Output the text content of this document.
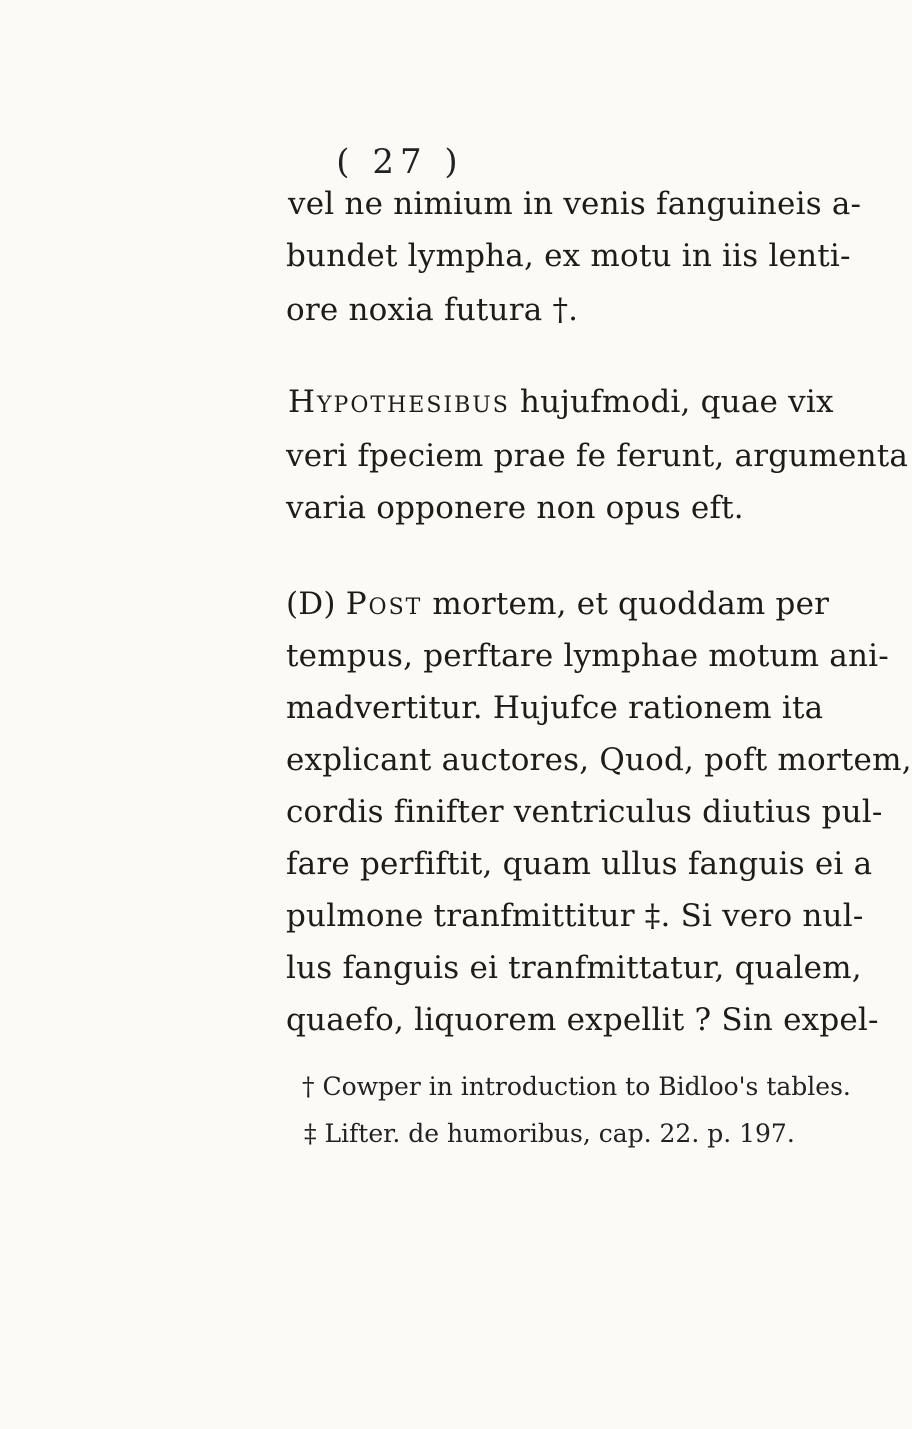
( 27 )
vel ne nimium in venis fanguineis a-
bundet lympha, ex motu in iis lenti-
ore noxia futura †.
Hypothesibus hujufmodi, quae vix
veri fpeciem prae fe ferunt, argumenta
varia opponere non opus eft.
(D) Post mortem, et quoddam per
tempus, perftare lymphae motum ani-
madvertitur. Hujufce rationem ita
explicant auctores, Quod, poft mortem,
cordis finifter ventriculus diutius pul-
fare perfiftit, quam ullus fanguis ei a
pulmone tranfmittitur ‡. Si vero nul-
lus fanguis ei tranfmittatur, qualem,
quaefo, liquorem expellit ? Sin expel-
† Cowper in introduction to Bidloo's tables.
‡ Lifter. de humoribus, cap. 22. p. 197.
